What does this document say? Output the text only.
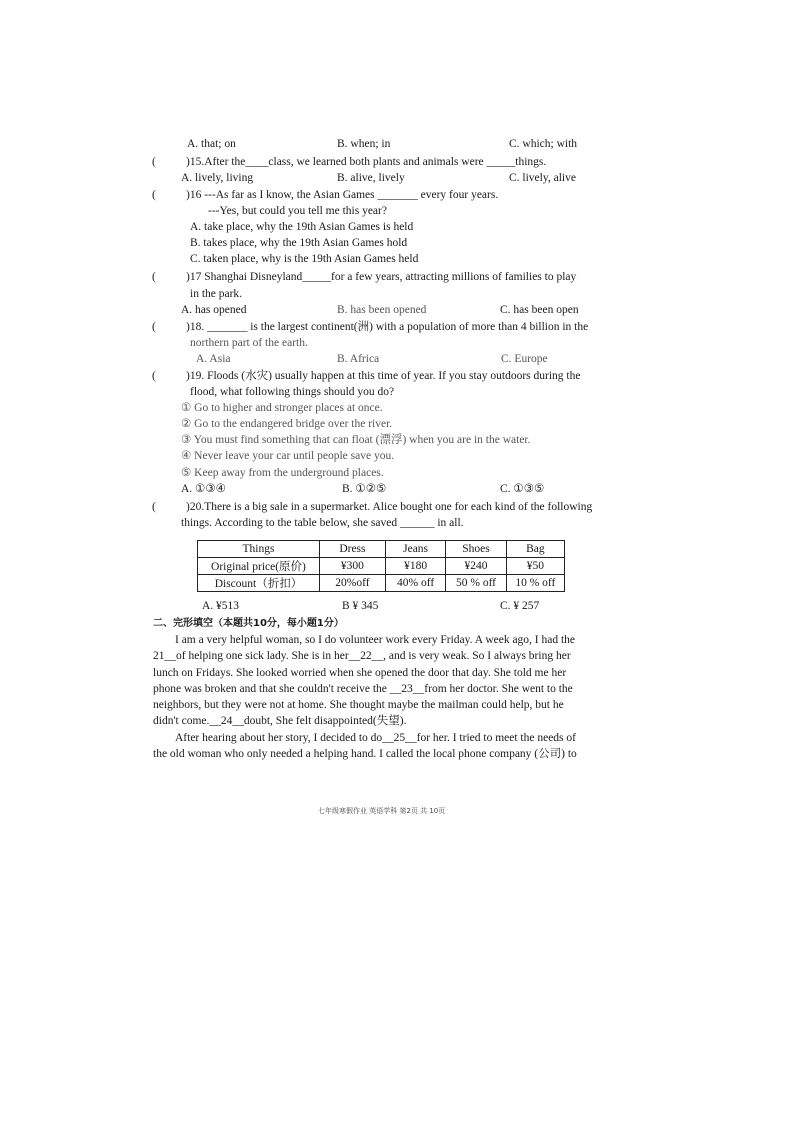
A. that; on	B. when; in	C. which; with
(	)15.After the____class, we learned both plants and animals were _____things.
A. lively, living	B. alive, lively	C. lively, alive
(	)16 ---As far as I know, the Asian Games _______ every four years.
---Yes, but could you tell me this year?
A. take place, why the 19th Asian Games is held
B. takes place, why the 19th Asian Games hold
C. taken place, why is the 19th Asian Games held
(	)17 Shanghai Disneyland_____for a few years, attracting millions of families to play
in the park.
A. has opened	B. has been opened	C. has been open
(	)18. _______ is the largest continent(洲) with a population of more than 4 billion in the
northern part of the earth.
A. Asia	B. Africa	C. Europe
(	)19. Floods (水灾) usually happen at this time of year. If you stay outdoors during the
flood, what following things should you do?
① Go to higher and stronger places at once.
② Go to the endangered bridge over the river.
③ You must find something that can float (漂浮) when you are in the water.
④ Never leave your car until people save you.
⑤ Keep away from the underground places.
A. ①③④	B. ①②⑤	C. ①③⑤
(	)20.There is a big sale in a supermarket. Alice bought one for each kind of the following
things. According to the table below, she saved ______ in all.
Things	Dress	Jeans	Shoes	Bag
Original price(原价)	¥300	¥180	¥240	¥50
Discount（折扣）	20%off	40% off	50 % off	10 % off
A. ¥513	B ¥ 345	C. ¥ 257
二、完形填空（本题共10分，每小题1分）
I am a very helpful woman, so I do volunteer work every Friday. A week ago, I had the
21__of helping one sick lady. She is in her__22__, and is very weak. So I always bring her
lunch on Fridays. She looked worried when she opened the door that day. She told me her
phone was broken and that she couldn't receive the __23__from her doctor. She went to the
neighbors, but they were not at home. She thought maybe the mailman could help, but he
didn't come.__24__doubt, She felt disappointed(失望).
After hearing about her story, I decided to do__25__for her. I tried to meet the needs of
the old woman who only needed a helping hand. I called the local phone company (公司) to
七年级寒假作业 英语学科 第2页 共 10页
